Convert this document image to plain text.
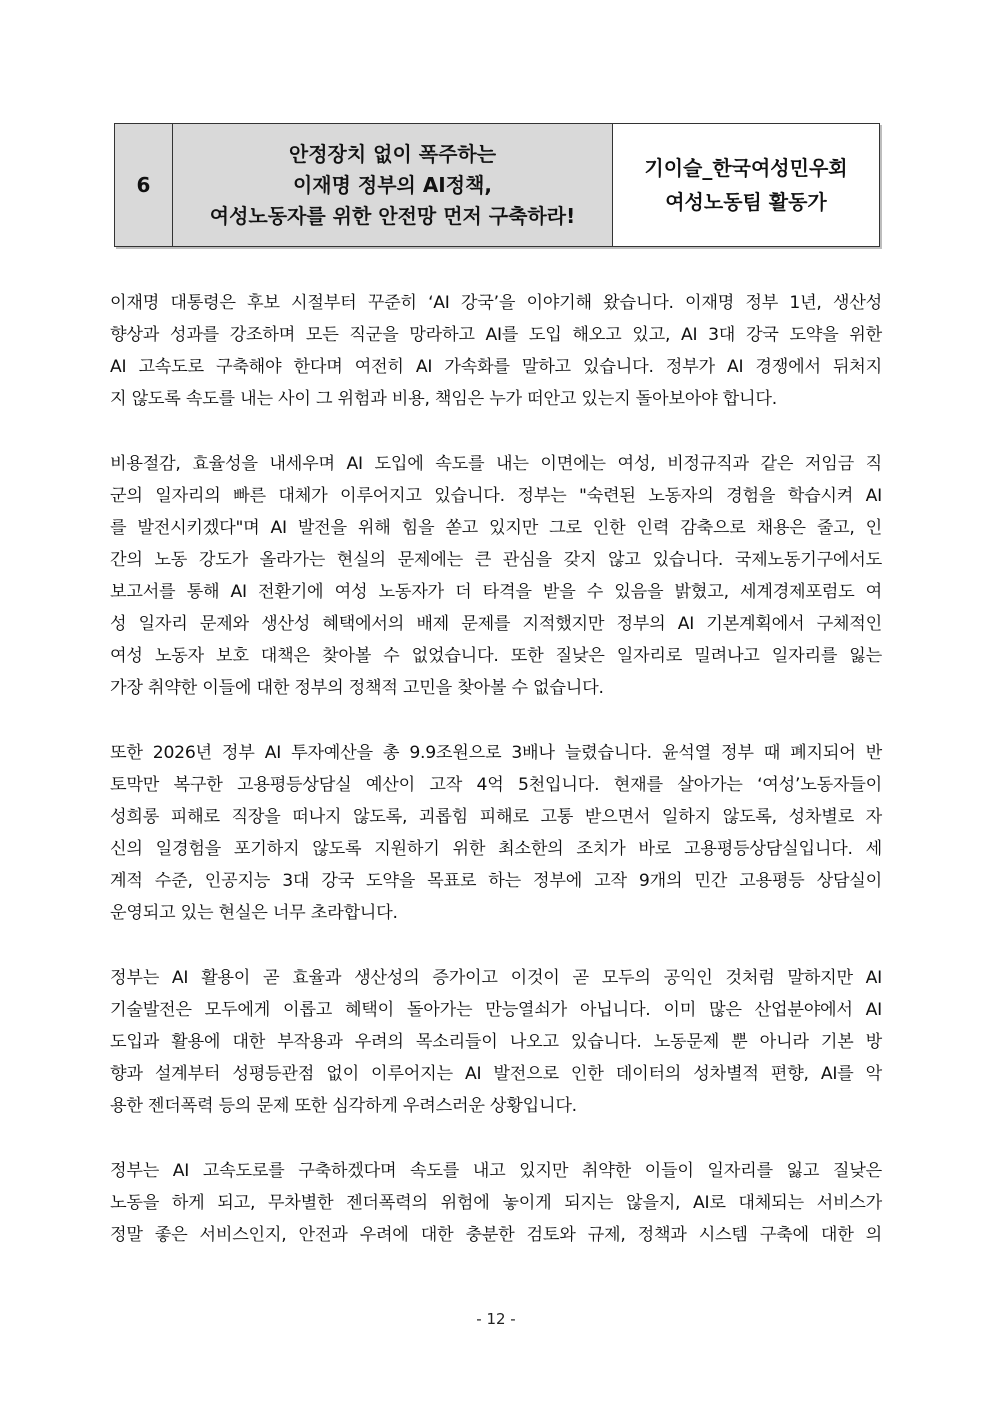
6
안정장치 없이 폭주하는
이재명 정부의 AI정책,
여성노동자를 위한 안전망 먼저 구축하라!
기이슬_한국여성민우회
여성노동팀 활동가
이재명 대통령은 후보 시절부터 꾸준히 ‘AI 강국’을 이야기해 왔습니다. 이재명 정부 1년, 생산성
향상과 성과를 강조하며 모든 직군을 망라하고 AI를 도입 해오고 있고, AI 3대 강국 도약을 위한
AI 고속도로 구축해야 한다며 여전히 AI 가속화를 말하고 있습니다. 정부가 AI 경쟁에서 뒤처지
지 않도록 속도를 내는 사이 그 위험과 비용, 책임은 누가 떠안고 있는지 돌아보아야 합니다.
비용절감, 효율성을 내세우며 AI 도입에 속도를 내는 이면에는 여성, 비정규직과 같은 저임금 직
군의 일자리의 빠른 대체가 이루어지고 있습니다. 정부는 "숙련된 노동자의 경험을 학습시켜 AI
를 발전시키겠다"며 AI 발전을 위해 힘을 쏟고 있지만 그로 인한 인력 감축으로 채용은 줄고, 인
간의 노동 강도가 올라가는 현실의 문제에는 큰 관심을 갖지 않고 있습니다. 국제노동기구에서도
보고서를 통해 AI 전환기에 여성 노동자가 더 타격을 받을 수 있음을 밝혔고, 세계경제포럼도 여
성 일자리 문제와 생산성 혜택에서의 배제 문제를 지적했지만 정부의 AI 기본계획에서 구체적인
여성 노동자 보호 대책은 찾아볼 수 없었습니다. 또한 질낮은 일자리로 밀려나고 일자리를 잃는
가장 취약한 이들에 대한 정부의 정책적 고민을 찾아볼 수 없습니다.
또한 2026년 정부 AI 투자예산을 총 9.9조원으로 3배나 늘렸습니다. 윤석열 정부 때 폐지되어 반
토막만 복구한 고용평등상담실 예산이 고작 4억 5천입니다. 현재를 살아가는 ‘여성’노동자들이
성희롱 피해로 직장을 떠나지 않도록, 괴롭힘 피해로 고통 받으면서 일하지 않도록, 성차별로 자
신의 일경험을 포기하지 않도록 지원하기 위한 최소한의 조치가 바로 고용평등상담실입니다. 세
계적 수준, 인공지능 3대 강국 도약을 목표로 하는 정부에 고작 9개의 민간 고용평등 상담실이
운영되고 있는 현실은 너무 초라합니다.
정부는 AI 활용이 곧 효율과 생산성의 증가이고 이것이 곧 모두의 공익인 것처럼 말하지만 AI
기술발전은 모두에게 이롭고 혜택이 돌아가는 만능열쇠가 아닙니다. 이미 많은 산업분야에서 AI
도입과 활용에 대한 부작용과 우려의 목소리들이 나오고 있습니다. 노동문제 뿐 아니라 기본 방
향과 설계부터 성평등관점 없이 이루어지는 AI 발전으로 인한 데이터의 성차별적 편향, AI를 악
용한 젠더폭력 등의 문제 또한 심각하게 우려스러운 상황입니다.
정부는 AI 고속도로를 구축하겠다며 속도를 내고 있지만 취약한 이들이 일자리를 잃고 질낮은
노동을 하게 되고, 무차별한 젠더폭력의 위험에 놓이게 되지는 않을지, AI로 대체되는 서비스가
정말 좋은 서비스인지, 안전과 우려에 대한 충분한 검토와 규제, 정책과 시스템 구축에 대한 의
- 12 -
